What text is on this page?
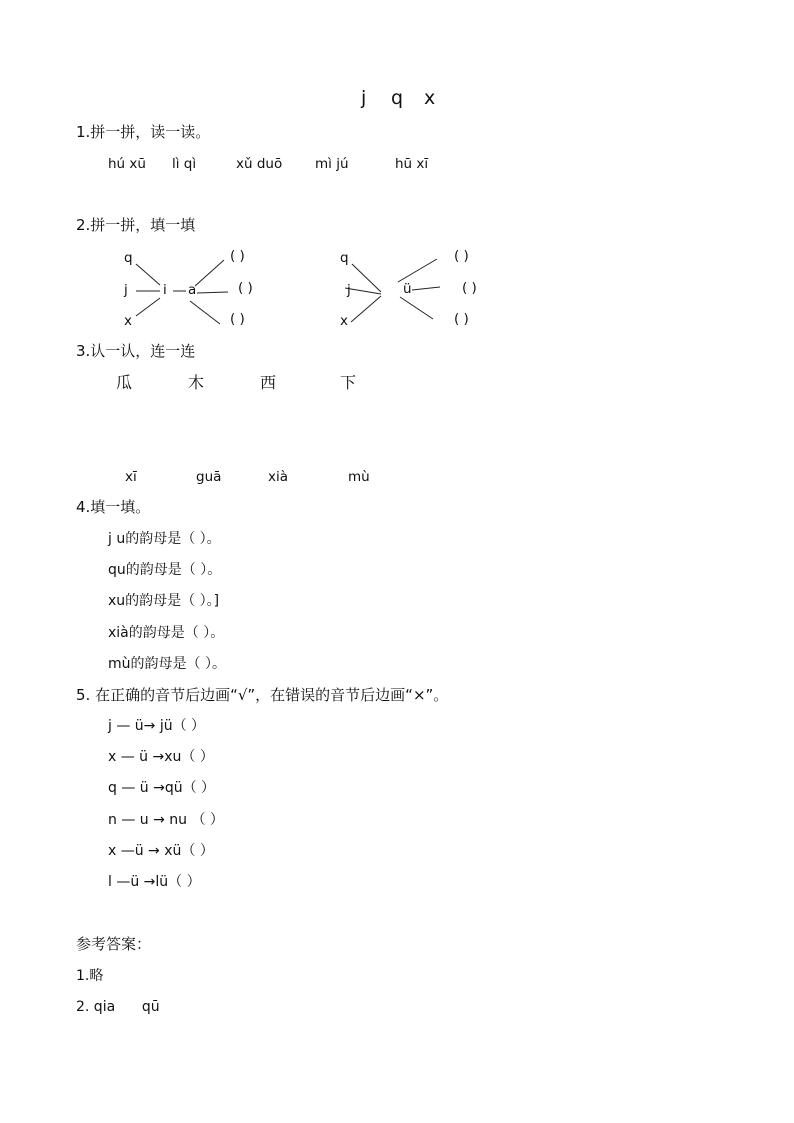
j q x
1.拼一拼，读一读。
hú xū lì qì	xǔ duō mì jú	hū xī
2.拼一拼，填一填
q
j
x
i a
( )
( )
( )
q
j
x
ü
( )
( )
( )
3.认一认，连一连
瓜	木	西	下
xī	guā	xià	mù
4.填一填。
j u的韵母是（ ）。
qu的韵母是（ ）。
xu的韵母是（ ）。]
xià的韵母是（ ）。
mù的韵母是（ ）。
5. 在正确的音节后边画“√”，在错误的音节后边画“×”。
j — ü→ jü（ ）
x — ü →xu（ ）
q — ü →qü（ ）
n — u → nu （ ）
x —ü → xü（ ）
l —ü →lü（ ）
参考答案：
1.略
2. qia      qū
